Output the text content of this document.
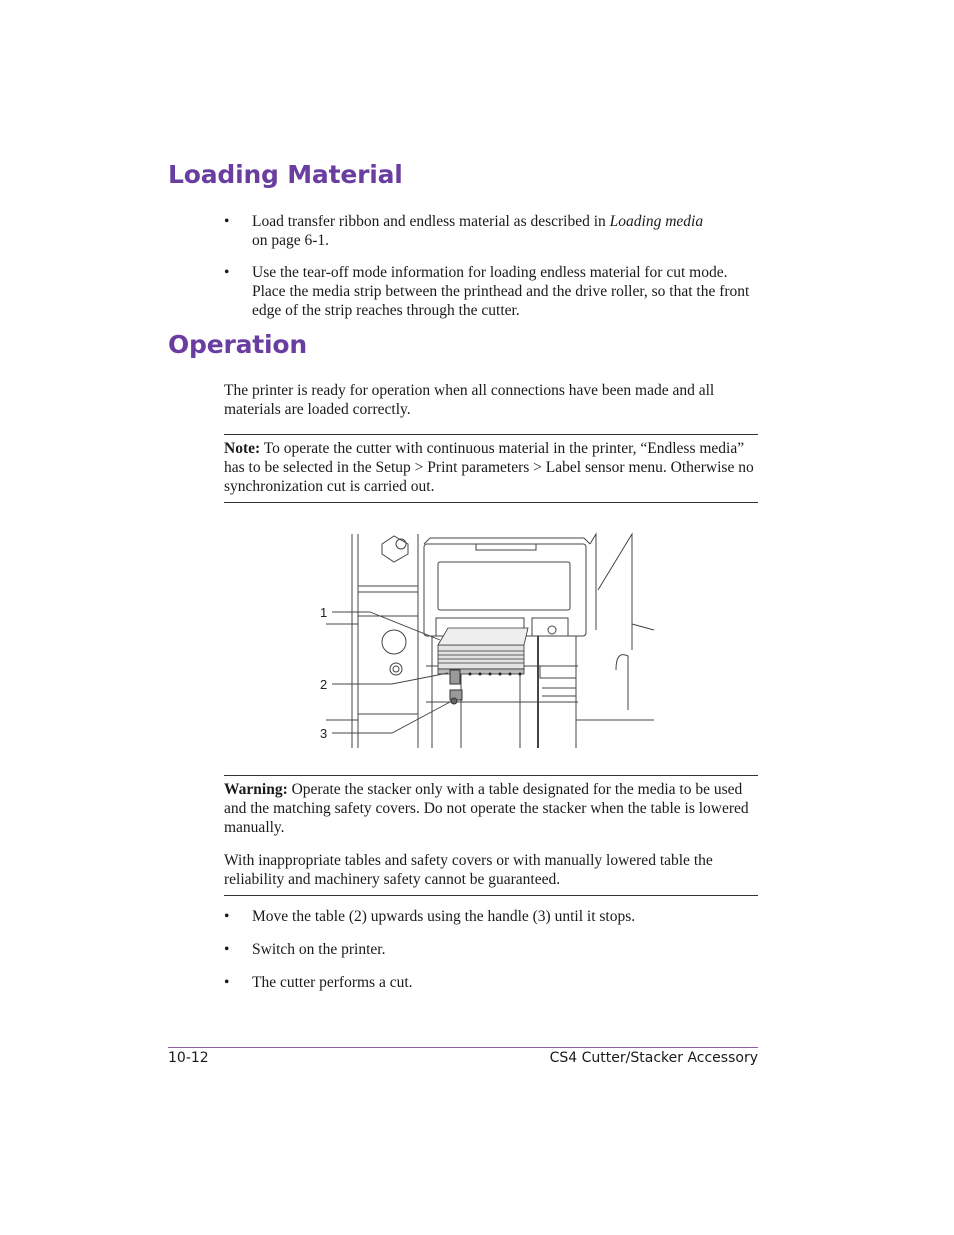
Loading Material
• Load transfer ribbon and endless material as described in Loading media
on page 6-1.
• Use the tear-off mode information for loading endless material for cut mode. Place the media strip between the printhead and the drive roller, so that the front edge of the strip reaches through the cutter.
Operation
The printer is ready for operation when all connections have been made and all materials are loaded correctly.
Note: To operate the cutter with continuous material in the printer, “Endless media” has to be selected in the Setup > Print parameters > Label sensor menu. Otherwise no synchronization cut is carried out.
1
2
3
Warning: Operate the stacker only with a table designated for the media to be used and the matching safety covers. Do not operate the stacker when the table is lowered manually.
With inappropriate tables and safety covers or with manually lowered table the reliability and machinery safety cannot be guaranteed.
• Move the table (2) upwards using the handle (3) until it stops.
• Switch on the printer.
• The cutter performs a cut.
10-12	CS4 Cutter/Stacker Accessory
